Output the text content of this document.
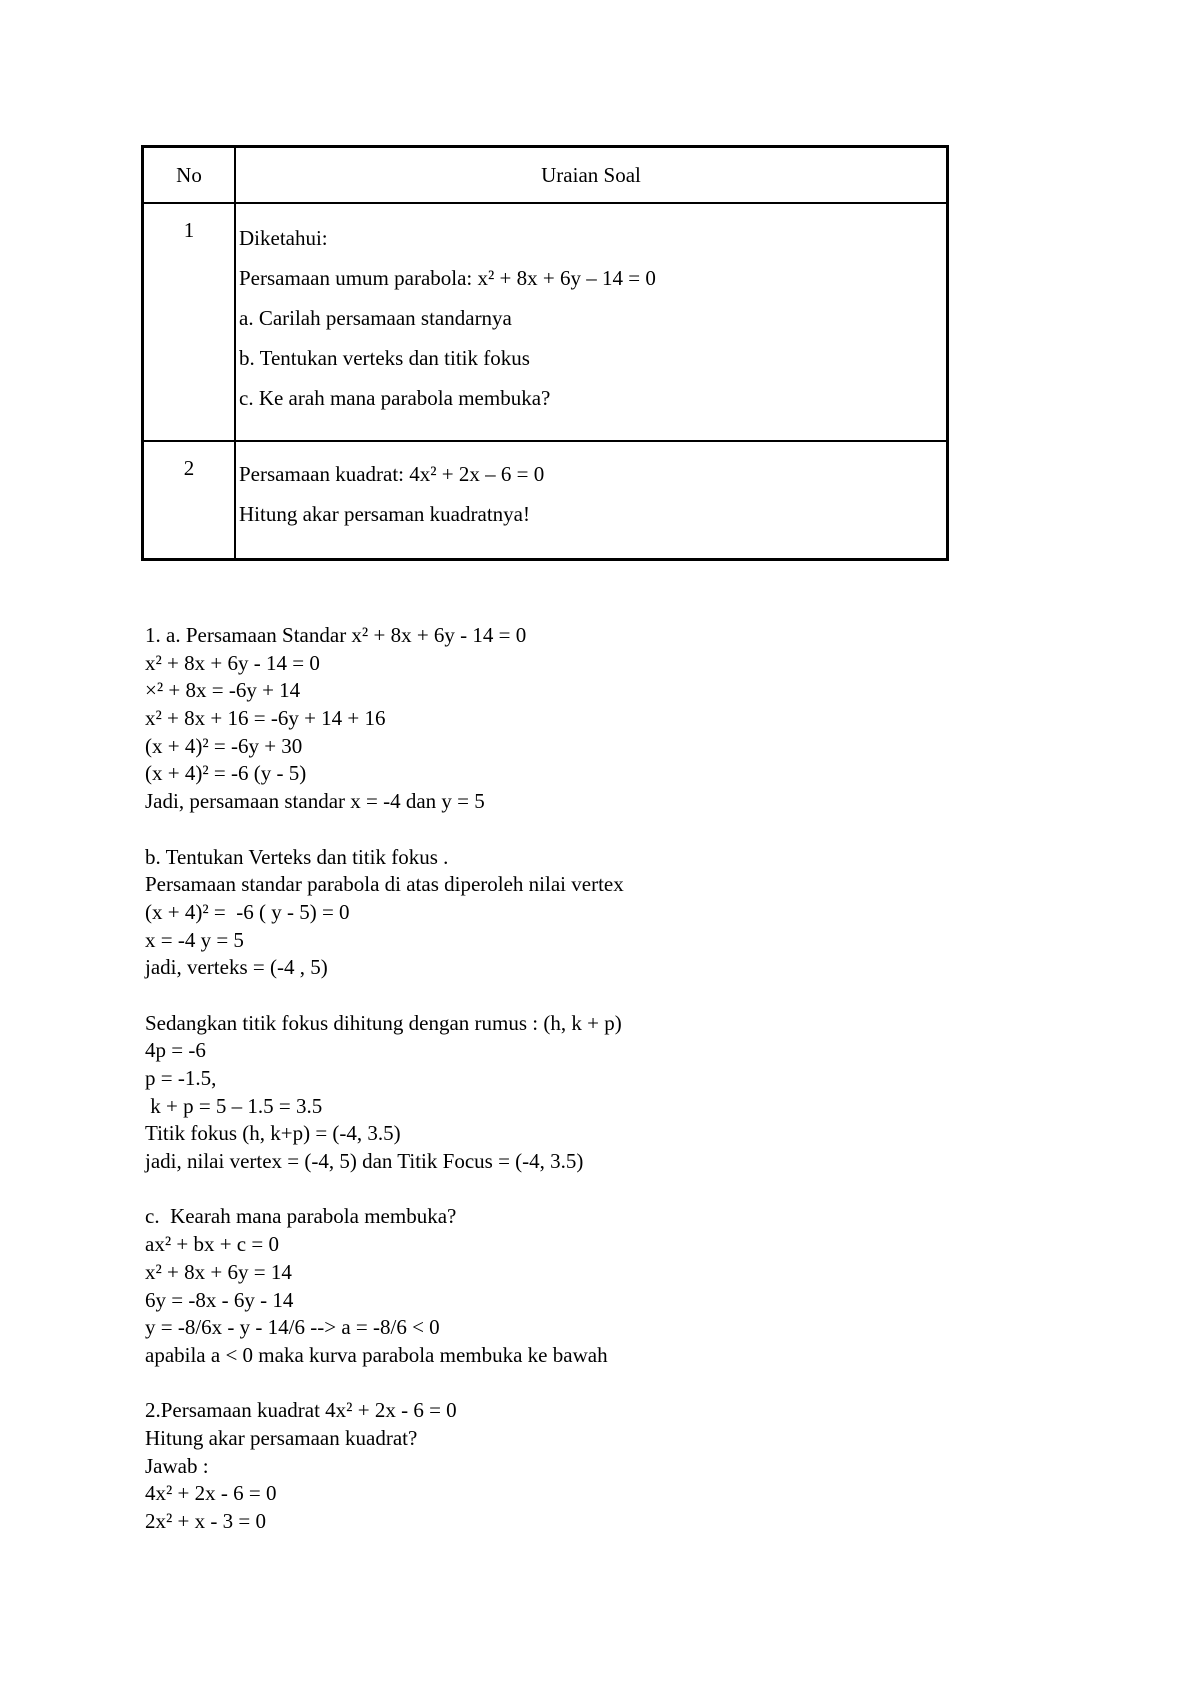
No	Uraian Soal
1	Diketahui:
Persamaan umum parabola: x² + 8x + 6y – 14 = 0
a. Carilah persamaan standarnya
b. Tentukan verteks dan titik fokus
c. Ke arah mana parabola membuka?

2	Persamaan kuadrat: 4x² + 2x – 6 = 0
Hitung akar persaman kuadratnya!
1. a. Persamaan Standar x² + 8x + 6y - 14 = 0
x² + 8x + 6y - 14 = 0
×² + 8x = -6y + 14
x² + 8x + 16 = -6y + 14 + 16
(x + 4)² = -6y + 30
(x + 4)² = -6 (y - 5)
Jadi, persamaan standar x = -4 dan y = 5
b. Tentukan Verteks dan titik fokus .
Persamaan standar parabola di atas diperoleh nilai vertex
(x + 4)² =  -6 ( y - 5) = 0
x = -4 y = 5
jadi, verteks = (-4 , 5)
Sedangkan titik fokus dihitung dengan rumus : (h, k + p)
4p = -6
p = -1.5,
k + p = 5 – 1.5 = 3.5
Titik fokus (h, k+p) = (-4, 3.5)
jadi, nilai vertex = (-4, 5) dan Titik Focus = (-4, 3.5)
c.  Kearah mana parabola membuka?
ax² + bx + c = 0
x² + 8x + 6y = 14
6y = -8x - 6y - 14
y = -8/6x - y - 14/6 --> a = -8/6 < 0
apabila a < 0 maka kurva parabola membuka ke bawah
2.Persamaan kuadrat 4x² + 2x - 6 = 0
Hitung akar persamaan kuadrat?
Jawab :
4x² + 2x - 6 = 0
2x² + x - 3 = 0
